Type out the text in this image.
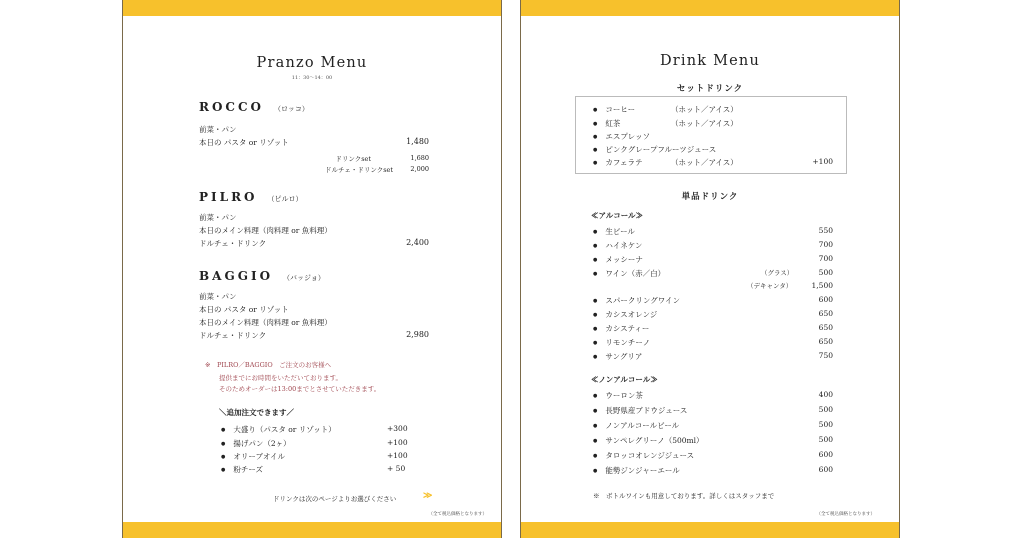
Pranzo Menu
11：30～14：00
ROCCO （ロッコ）
前菜・パン
本日の パスタ or リゾット	1,480
ドリンクset	1,680
ドルチェ・ドリンクset	2,000
PILRO （ピルロ）
前菜・パン
本日のメイン料理（肉料理 or 魚料理）
ドルチェ・ドリンク	2,400
BAGGIO （バッジョ）
前菜・パン
本日の パスタ or リゾット
本日のメイン料理（肉料理 or 魚料理）
ドルチェ・ドリンク	2,980
※　PILRO／BAGGIO　ご注文のお客様へ
提供までにお時間をいただいております。
そのためオーダーは13:00までとさせていただきます。
＼追加注文できます／
● 大盛り（パスタ or リゾット）	+300
● 揚げパン（2ヶ）	+100
● オリーブオイル	+100
● 粉チーズ	+ 50
ドリンクは次のページよりお選びください	≫
（全て税込価格となります）
Drink Menu
セットドリンク
● コーヒー	（ホット／アイス）
● 紅茶	（ホット／アイス）
● エスプレッソ
● ピンクグレープフルーツジュース
● カフェラテ	（ホット／アイス）	+100
単品ドリンク
≪アルコール≫
● 生ビール	550
● ハイネケン	700
● メッシーナ	700
● ワイン（赤／白）	（グラス）	500
（デキャンタ）	1,500
● スパークリングワイン	600
● カシスオレンジ	650
● カシスティー	650
● リモンチーノ	650
● サングリア	750
≪ノンアルコール≫
● ウーロン茶	400
● 長野県産ブドウジュース	500
● ノンアルコールビール	500
● サンペレグリーノ（500ml）	500
● タロッコオレンジジュース	600
● 能勢ジンジャーエール	600
※　ボトルワインも用意しております。詳しくはスタッフまで
（全て税込価格となります）
